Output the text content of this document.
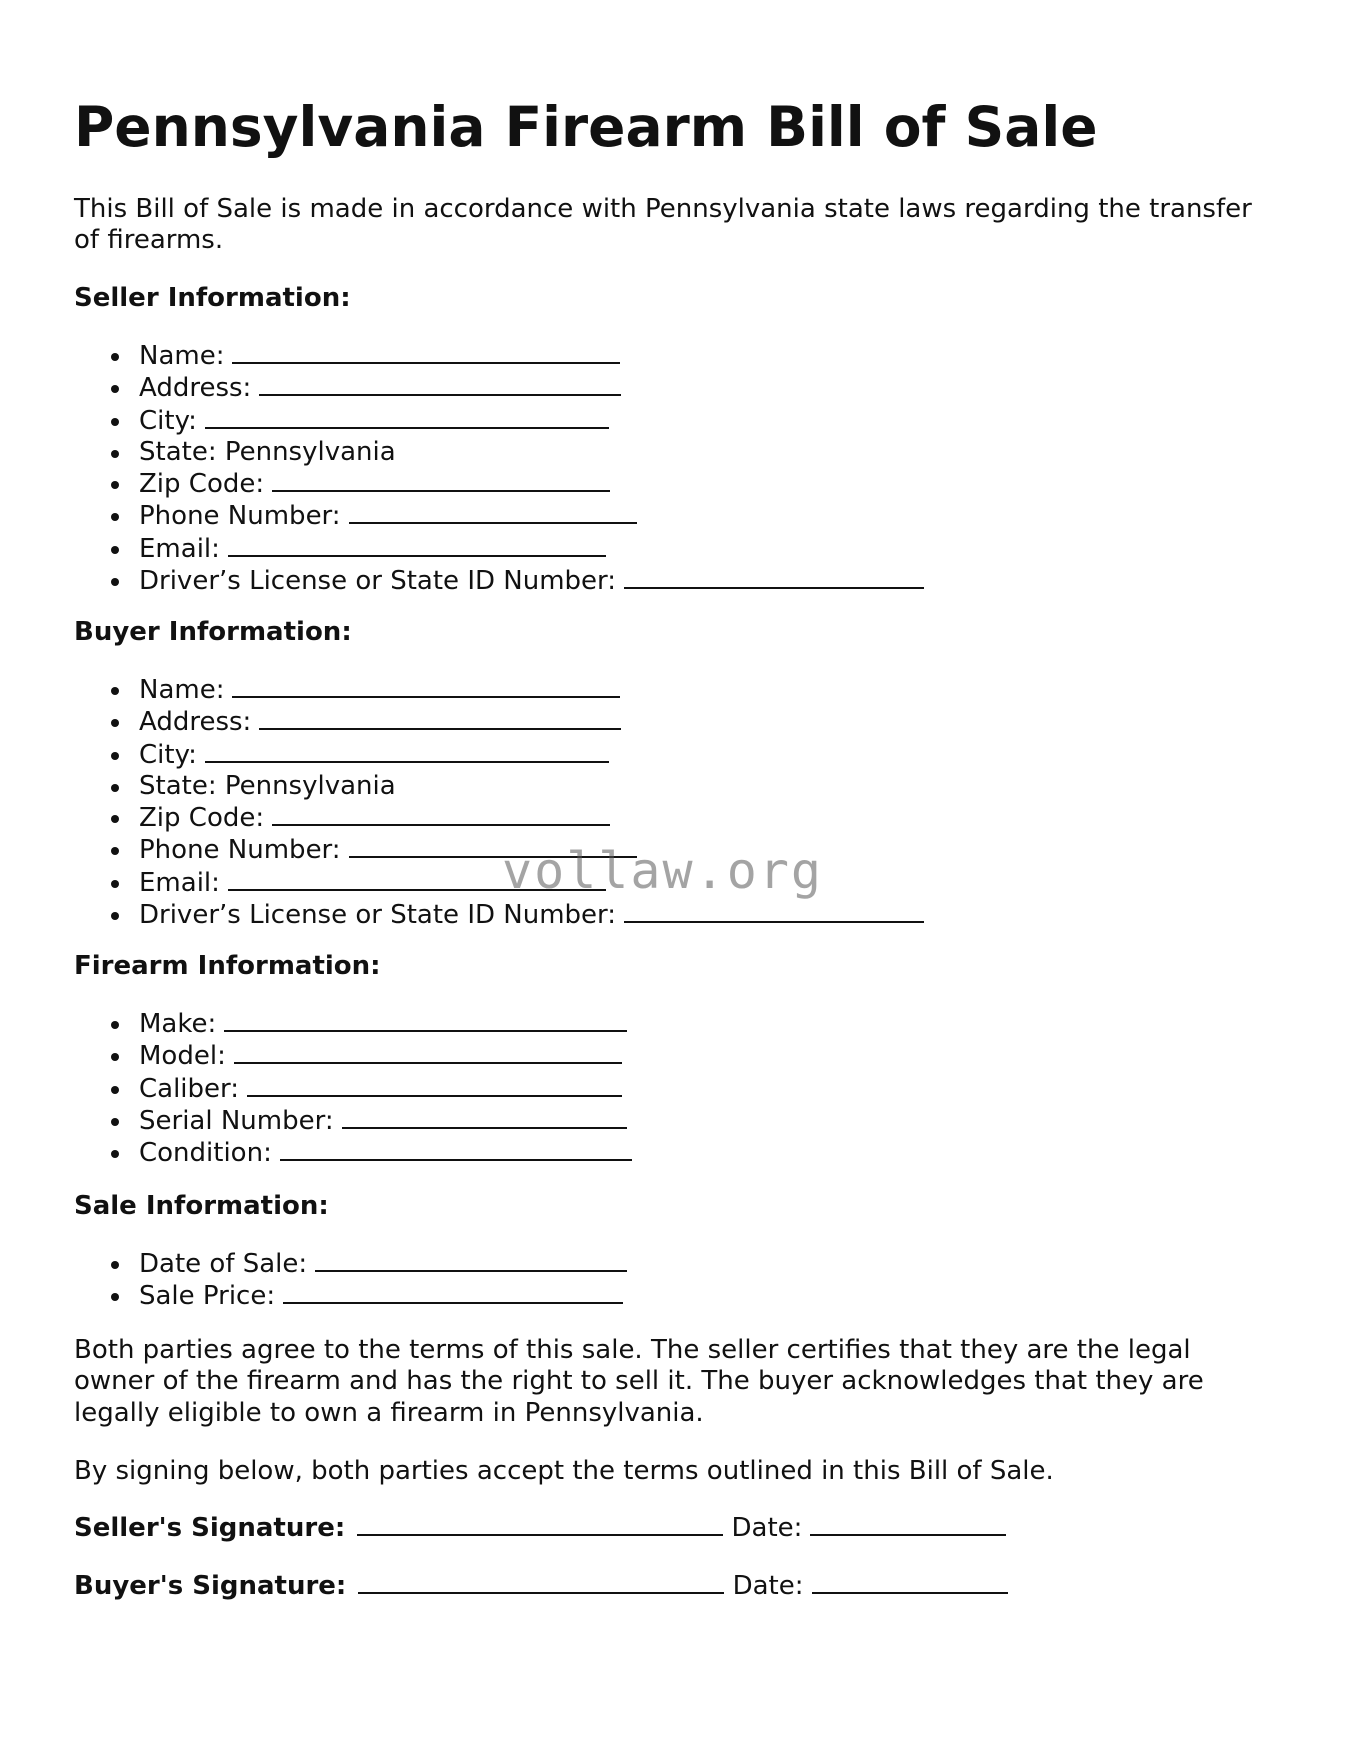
Pennsylvania Firearm Bill of Sale

This Bill of Sale is made in accordance with Pennsylvania state laws regarding the transfer of firearms.

Seller Information:

Name:
Address:
City:
State: Pennsylvania
Zip Code:
Phone Number:
Email:
Driver’s License or State ID Number:

Buyer Information:

Name:
Address:
City:
State: Pennsylvania
Zip Code:
Phone Number:
Email:
Driver’s License or State ID Number:

Firearm Information:

Make:
Model:
Caliber:
Serial Number:
Condition:

Sale Information:

Date of Sale:
Sale Price:

Both parties agree to the terms of this sale. The seller certifies that they are the legal owner of the firearm and has the right to sell it. The buyer acknowledges that they are legally eligible to own a firearm in Pennsylvania.

By signing below, both parties accept the terms outlined in this Bill of Sale.

Seller's Signature:	Date:
Buyer's Signature:	Date:
vollaw.org
